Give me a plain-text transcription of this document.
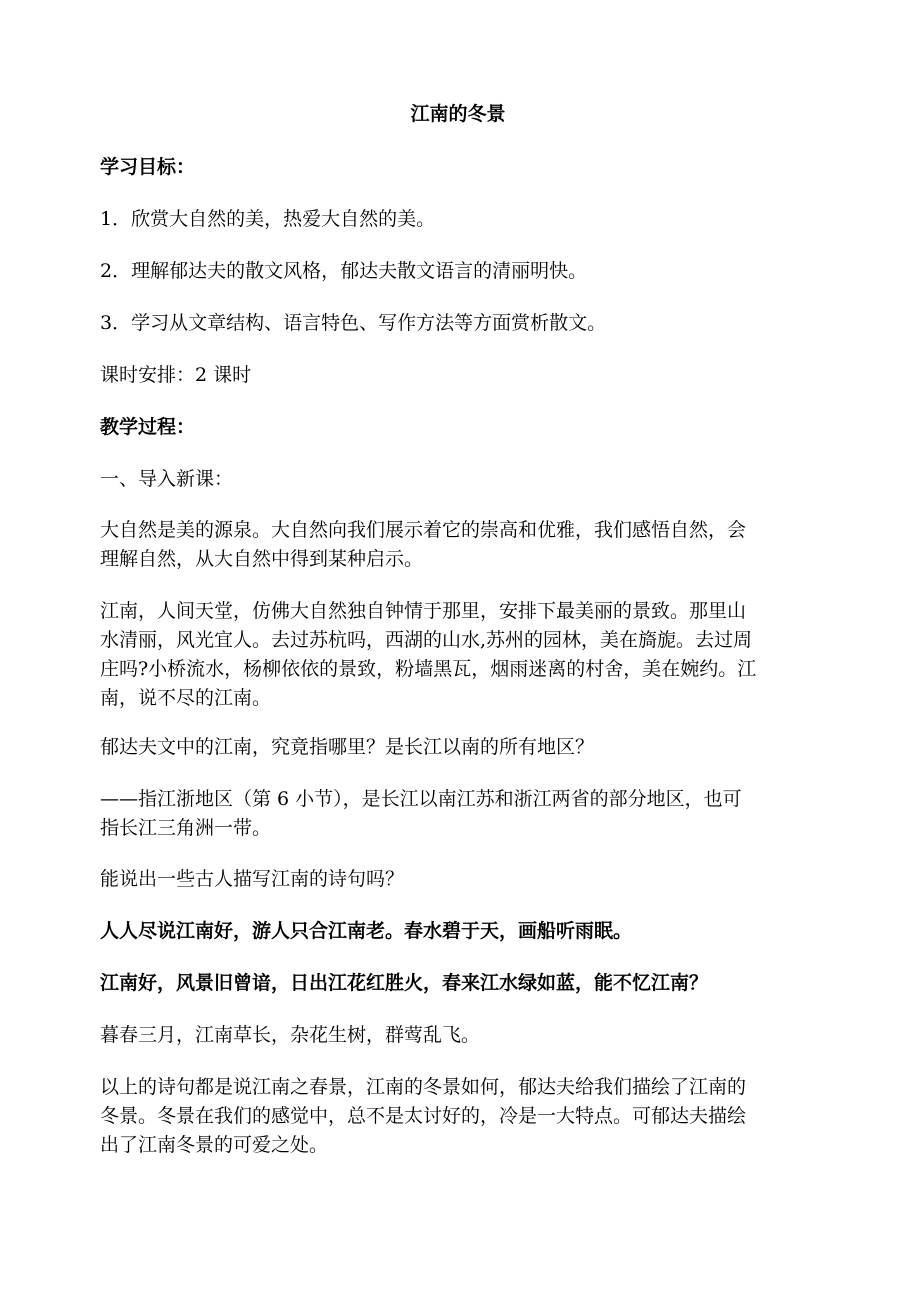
江南的冬景
学习目标：
1．欣赏大自然的美，热爱大自然的美。
2．理解郁达夫的散文风格，郁达夫散文语言的清丽明快。
3．学习从文章结构、语言特色、写作方法等方面赏析散文。
课时安排：2 课时
教学过程：
一、导入新课：
大自然是美的源泉。大自然向我们展示着它的崇高和优雅，我们感悟自然，会
理解自然，从大自然中得到某种启示。
江南，人间天堂，仿佛大自然独自钟情于那里，安排下最美丽的景致。那里山
水清丽，风光宜人。去过苏杭吗，西湖的山水,苏州的园林，美在旖旎。去过周
庄吗?小桥流水，杨柳依依的景致，粉墙黑瓦，烟雨迷离的村舍，美在婉约。江
南，说不尽的江南。
郁达夫文中的江南，究竟指哪里？是长江以南的所有地区？
——指江浙地区（第 6 小节），是长江以南江苏和浙江两省的部分地区，也可
指长江三角洲一带。
能说出一些古人描写江南的诗句吗？
人人尽说江南好，游人只合江南老。春水碧于天，画船听雨眠。
江南好，风景旧曾谙，日出江花红胜火，春来江水绿如蓝，能不忆江南？
暮春三月，江南草长，杂花生树，群莺乱飞。
以上的诗句都是说江南之春景，江南的冬景如何，郁达夫给我们描绘了江南的
冬景。冬景在我们的感觉中，总不是太讨好的，冷是一大特点。可郁达夫描绘
出了江南冬景的可爱之处。
